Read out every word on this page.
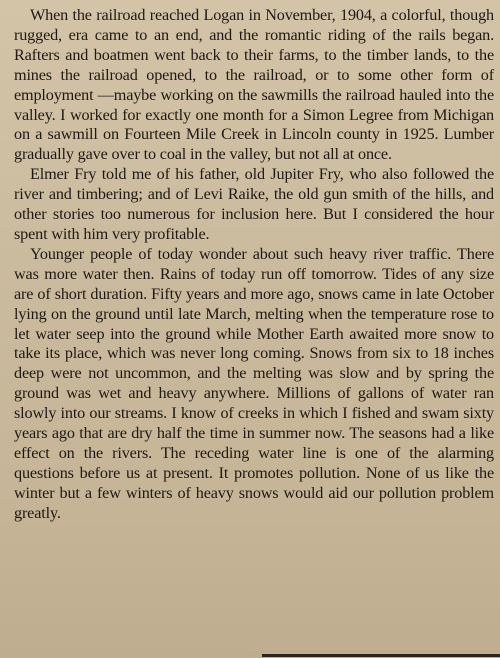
When the railroad reached Logan in November, 1904, a colorful, though rugged, era came to an end, and the romantic riding of the rails began. Rafters and boatmen went back to their farms, to the timber lands, to the mines the railroad opened, to the railroad, or to some other form of employment —maybe working on the sawmills the railroad hauled into the valley. I worked for exactly one month for a Simon Legree from Michigan on a sawmill on Fourteen Mile Creek in Lincoln county in 1925. Lumber gradually gave over to coal in the valley, but not all at once.

Elmer Fry told me of his father, old Jupiter Fry, who also followed the river and timbering; and of Levi Raike, the old gun smith of the hills, and other stories too numerous for inclusion here. But I considered the hour spent with him very profitable.

Younger people of today wonder about such heavy river traffic. There was more water then. Rains of today run off tomorrow. Tides of any size are of short duration. Fifty years and more ago, snows came in late October lying on the ground until late March, melting when the temperature rose to let water seep into the ground while Mother Earth awaited more snow to take its place, which was never long coming. Snows from six to 18 inches deep were not uncommon, and the melting was slow and by spring the ground was wet and heavy anywhere. Millions of gallons of water ran slowly into our streams. I know of creeks in which I fished and swam sixty years ago that are dry half the time in summer now. The seasons had a like effect on the rivers. The receding water line is one of the alarming questions before us at present. It promotes pollution. None of us like the winter but a few winters of heavy snows would aid our pollution problem greatly.
